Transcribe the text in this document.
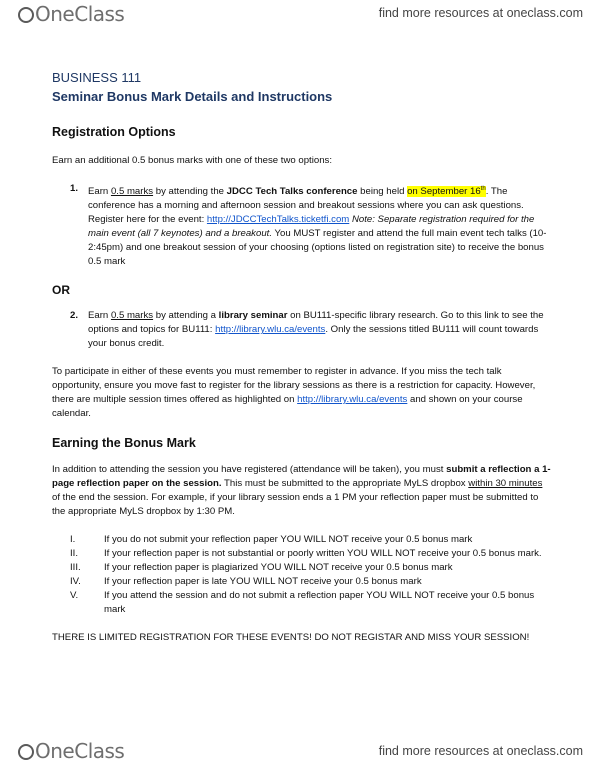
OneClass	find more resources at oneclass.com
BUSINESS 111
Seminar Bonus Mark Details and Instructions
Registration Options

Earn an additional 0.5 bonus marks with one of these two options:

1. Earn 0.5 marks by attending the JDCC Tech Talks conference being held on September 16th. The conference has a morning and afternoon session and breakout sessions where you can ask questions. Register here for the event: http://JDCCTechTalks.ticketfi.com Note: Separate registration required for the main event (all 7 keynotes) and a breakout. You MUST register and attend the full main event tech talks (10-2:45pm) and one breakout session of your choosing (options listed on registration site) to receive the bonus 0.5 mark
OR
2. Earn 0.5 marks by attending a library seminar on BU111-specific library research. Go to this link to see the options and topics for BU111: http://library.wlu.ca/events. Only the sessions titled BU111 will count towards your bonus credit.

To participate in either of these events you must remember to register in advance. If you miss the tech talk opportunity, ensure you move fast to register for the library sessions as there is a restriction for capacity. However, there are multiple session times offered as highlighted on http://library.wlu.ca/events and shown on your course calendar.

Earning the Bonus Mark

In addition to attending the session you have registered (attendance will be taken), you must submit a reflection a 1-page reflection paper on the session. This must be submitted to the appropriate MyLS dropbox within 30 minutes of the end the session. For example, if your library session ends a 1 PM your reflection paper must be submitted to the appropriate MyLS dropbox by 1:30 PM.

I.	If you do not submit your reflection paper YOU WILL NOT receive your 0.5 bonus mark
II.	If your reflection paper is not substantial or poorly written YOU WILL NOT receive your 0.5 bonus mark.
III. If your reflection paper is plagiarized YOU WILL NOT receive your 0.5 bonus mark
IV. If your reflection paper is late YOU WILL NOT receive your 0.5 bonus mark
V.	If you attend the session and do not submit a reflection paper YOU WILL NOT receive your 0.5 bonus mark

THERE IS LIMITED REGISTRATION FOR THESE EVENTS! DO NOT REGISTAR AND MISS YOUR SESSION!

OneClass	find more resources at oneclass.com
